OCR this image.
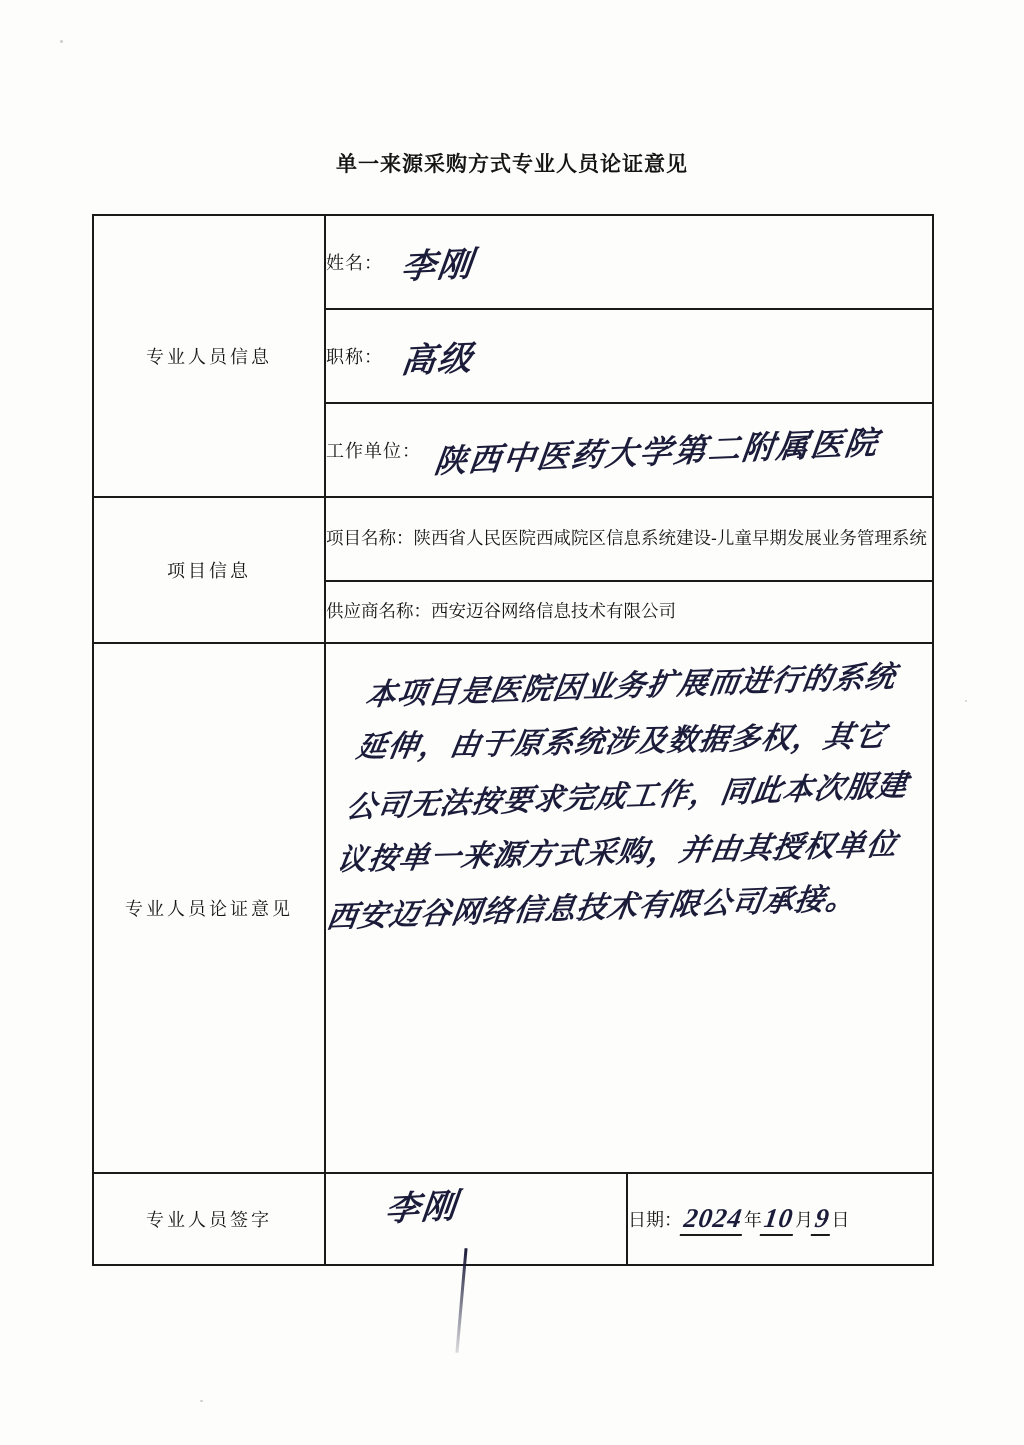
单一来源采购方式专业人员论证意见
专业人员信息	姓名： 李刚	
	职称： 高级	
	工作单位： 陕西中医药大学第二附属医院	
项目信息	项目名称：陕西省人民医院西咸院区信息系统建设-儿童早期发展业务管理系统	
	供应商名称：西安迈谷网络信息技术有限公司	
专业人员论证意见	本项目是医院因业务扩展而进行的系统
延伸，由于原系统涉及数据多权，其它
公司无法按要求完成工作，同此本次服建
议按单一来源方式采购，并由其授权单位
西安迈谷网络信息技术有限公司承接。	

专业人员签字	李刚	日期：2024年10月9日
